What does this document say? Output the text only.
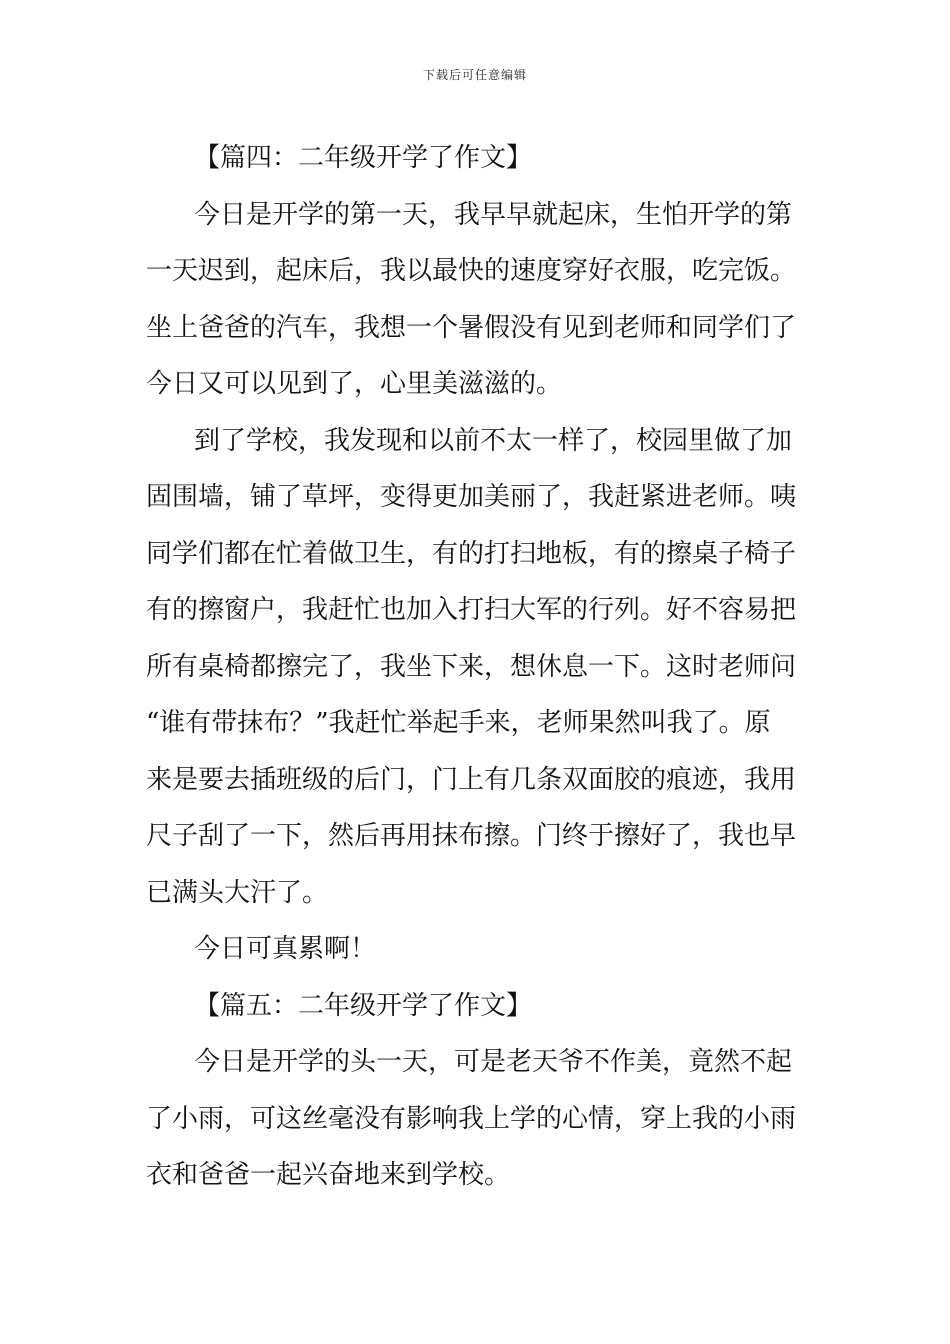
下载后可任意编辑
【篇四：二年级开学了作文】
今日是开学的第一天，我早早就起床，生怕开学的第
一天迟到，起床后，我以最快的速度穿好衣服，吃完饭。
坐上爸爸的汽车，我想一个暑假没有见到老师和同学们了
今日又可以见到了，心里美滋滋的。
到了学校，我发现和以前不太一样了，校园里做了加
固围墙，铺了草坪，变得更加美丽了，我赶紧进老师。咦
同学们都在忙着做卫生，有的打扫地板，有的擦桌子椅子
有的擦窗户，我赶忙也加入打扫大军的行列。好不容易把
所有桌椅都擦完了，我坐下来，想休息一下。这时老师问
“谁有带抹布？”我赶忙举起手来，老师果然叫我了。原
来是要去插班级的后门，门上有几条双面胶的痕迹，我用
尺子刮了一下，然后再用抹布擦。门终于擦好了，我也早
已满头大汗了。
今日可真累啊！
【篇五：二年级开学了作文】
今日是开学的头一天，可是老天爷不作美，竟然不起
了小雨，可这丝毫没有影响我上学的心情，穿上我的小雨
衣和爸爸一起兴奋地来到学校。
